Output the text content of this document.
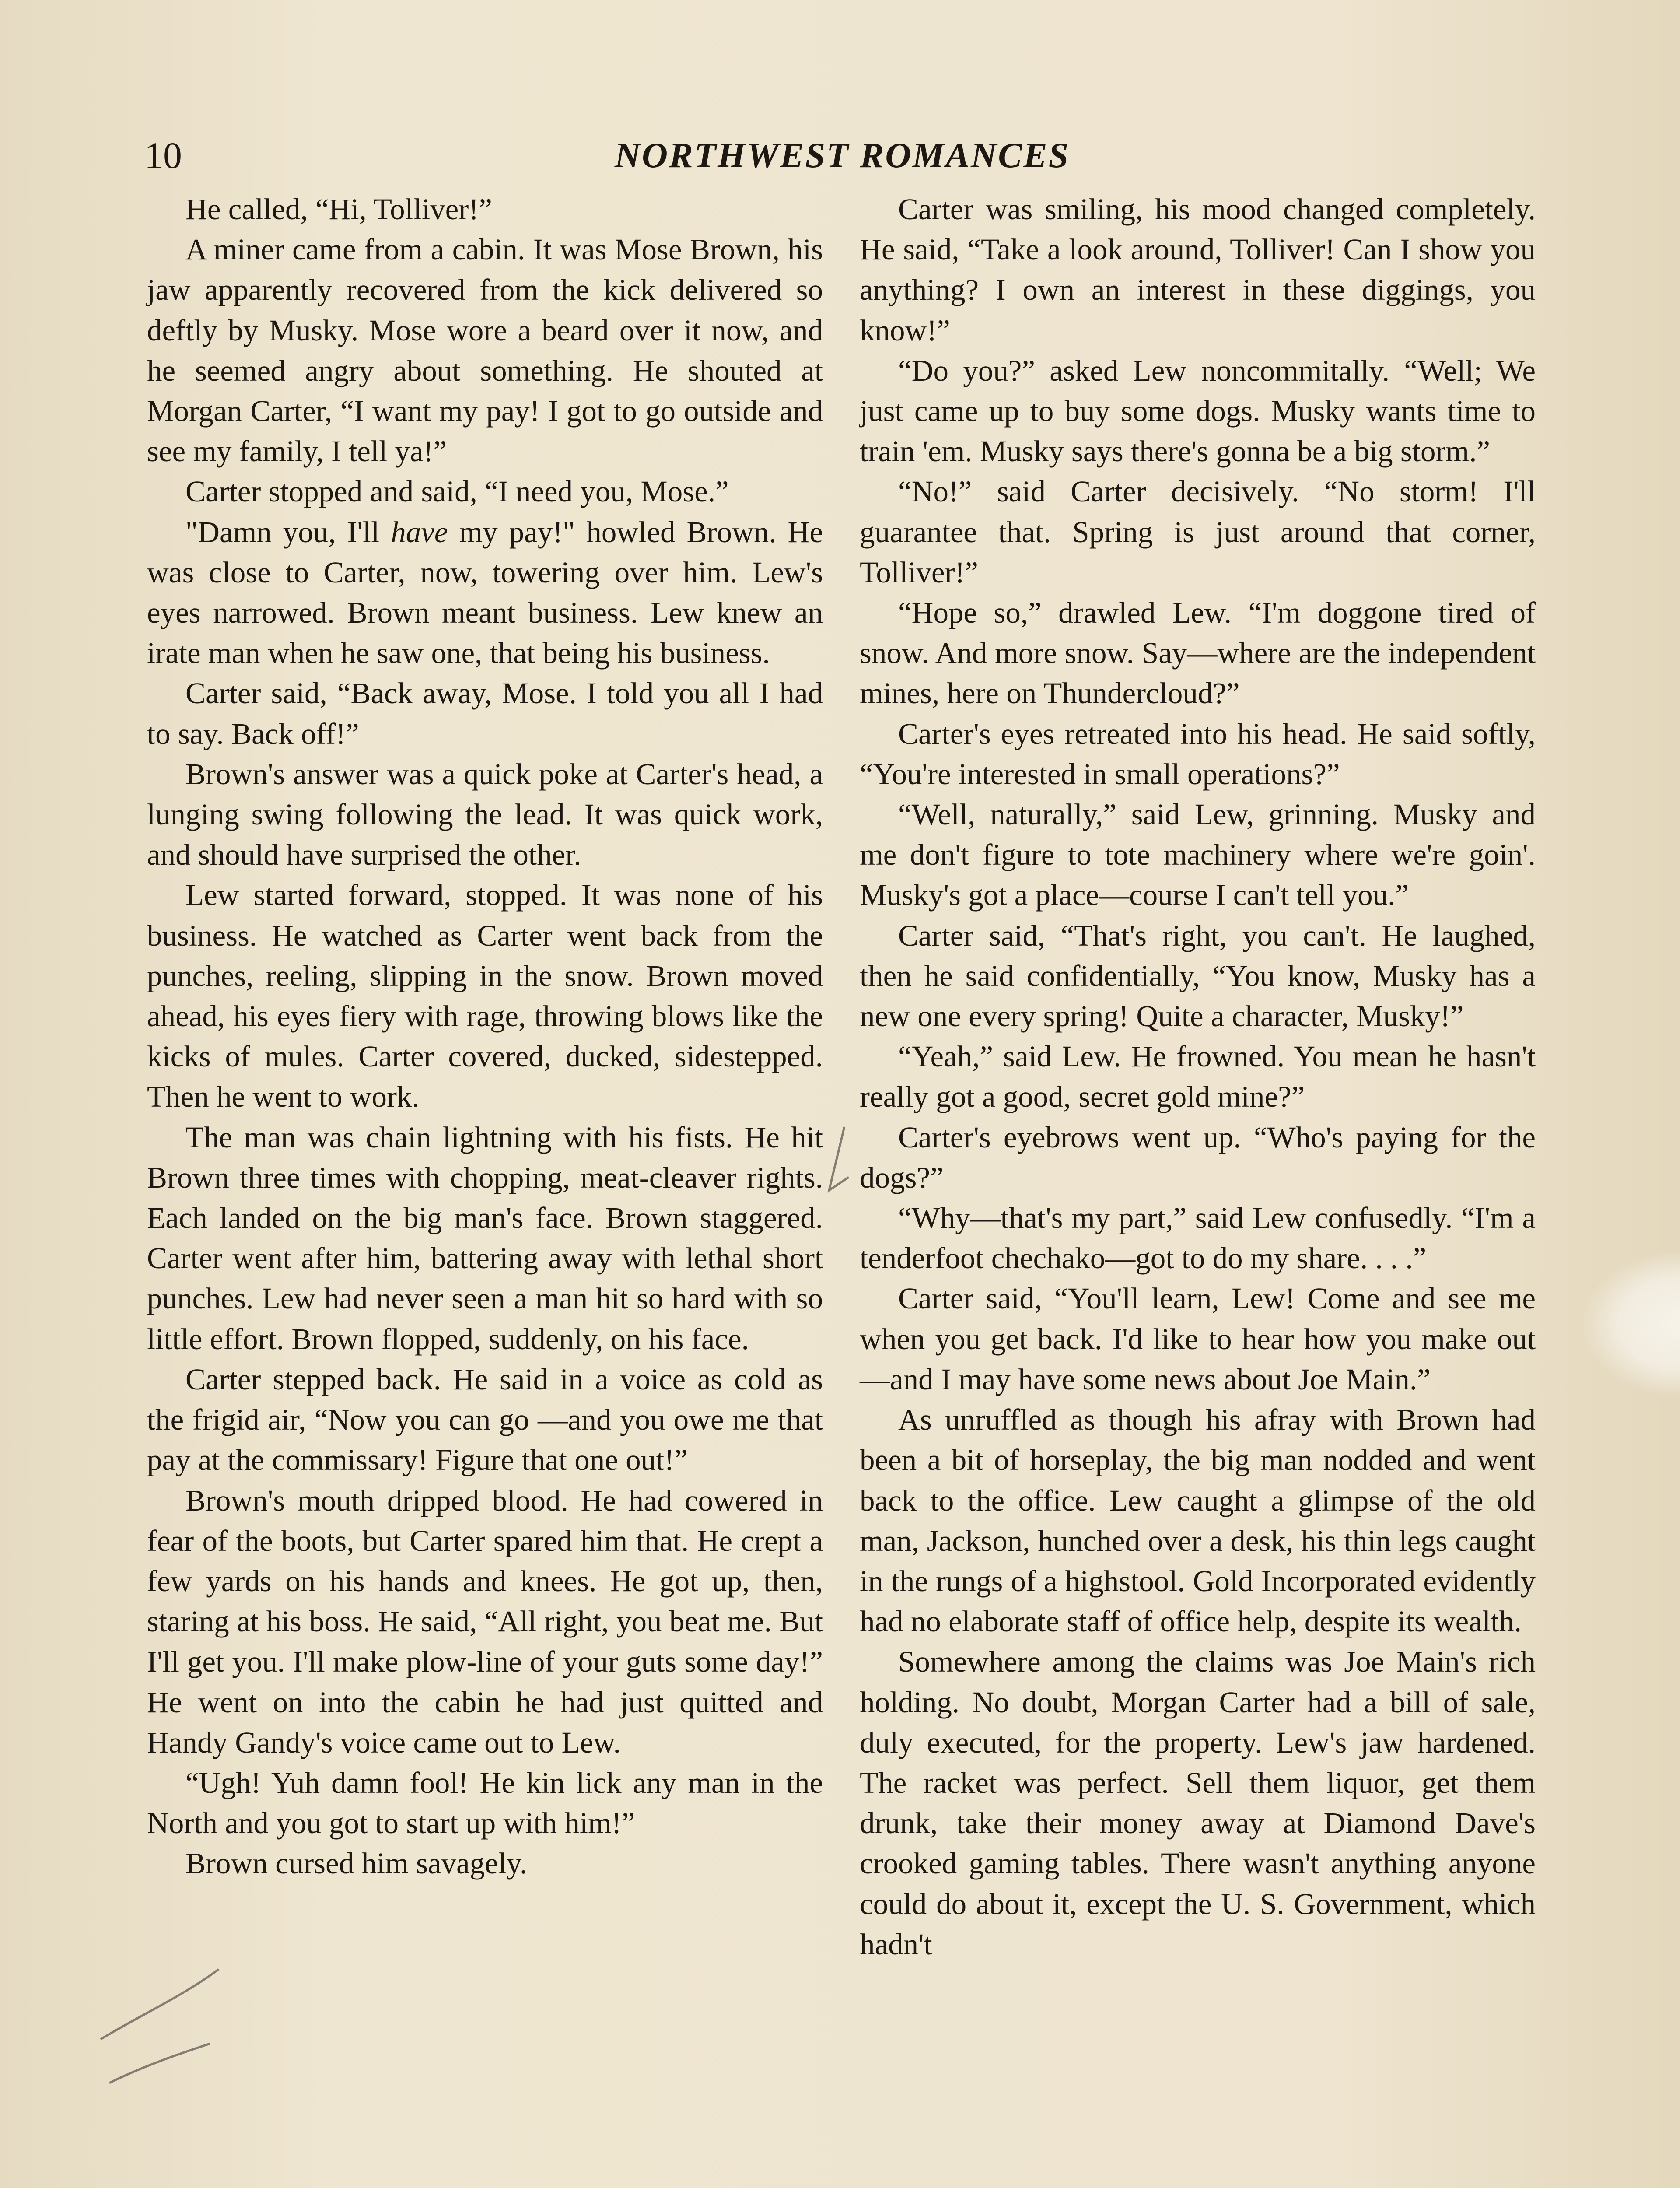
10	NORTHWEST ROMANCES

He called, “Hi, Tolliver!”

A miner came from a cabin. It was Mose Brown, his jaw apparently recovered from the kick delivered so deftly by Musky. Mose wore a beard over it now, and he seemed angry about something. He shouted at Morgan Carter, “I want my pay! I got to go outside and see my family, I tell ya!”

Carter stopped and said, “I need you, Mose.”

"Damn you, I'll have my pay!" howled Brown. He was close to Carter, now, towering over him. Lew's eyes narrowed. Brown meant business. Lew knew an irate man when he saw one, that being his business.

Carter said, “Back away, Mose. I told you all I had to say. Back off!”

Brown's answer was a quick poke at Carter's head, a lunging swing following the lead. It was quick work, and should have surprised the other.

Lew started forward, stopped. It was none of his business. He watched as Carter went back from the punches, reeling, slipping in the snow. Brown moved ahead, his eyes fiery with rage, throwing blows like the kicks of mules. Carter covered, ducked, sidestepped. Then he went to work.

The man was chain lightning with his fists. He hit Brown three times with chopping, meat-cleaver rights. Each landed on the big man's face. Brown staggered. Carter went after him, battering away with lethal short punches. Lew had never seen a man hit so hard with so little effort. Brown flopped, suddenly, on his face.

Carter stepped back. He said in a voice as cold as the frigid air, “Now you can go —and you owe me that pay at the commissary! Figure that one out!”

Brown's mouth dripped blood. He had cowered in fear of the boots, but Carter spared him that. He crept a few yards on his hands and knees. He got up, then, staring at his boss. He said, “All right, you beat me. But I'll get you. I'll make plow-line of your guts some day!” He went on into the cabin he had just quitted and Handy Gandy's voice came out to Lew.

“Ugh! Yuh damn fool! He kin lick any man in the North and you got to start up with him!”

Brown cursed him savagely.

Carter was smiling, his mood changed completely. He said, “Take a look around, Tolliver! Can I show you anything? I own an interest in these diggings, you know!”

“Do you?” asked Lew noncommitally. “Well; We just came up to buy some dogs. Musky wants time to train 'em. Musky says there's gonna be a big storm.”

“No!” said Carter decisively. “No storm! I'll guarantee that. Spring is just around that corner, Tolliver!”

“Hope so,” drawled Lew. “I'm doggone tired of snow. And more snow. Say—where are the independent mines, here on Thundercloud?”

Carter's eyes retreated into his head. He said softly, “You're interested in small operations?”

“Well, naturally,” said Lew, grinning. Musky and me don't figure to tote machinery where we're goin'. Musky's got a place—course I can't tell you.”

Carter said, “That's right, you can't. He laughed, then he said confidentially, “You know, Musky has a new one every spring! Quite a character, Musky!”

“Yeah,” said Lew. He frowned. You mean he hasn't really got a good, secret gold mine?”

Carter's eyebrows went up. “Who's paying for the dogs?”

“Why—that's my part,” said Lew confusedly. “I'm a tenderfoot chechako—got to do my share. . . .”

Carter said, “You'll learn, Lew! Come and see me when you get back. I'd like to hear how you make out—and I may have some news about Joe Main.”

As unruffled as though his afray with Brown had been a bit of horseplay, the big man nodded and went back to the office. Lew caught a glimpse of the old man, Jackson, hunched over a desk, his thin legs caught in the rungs of a highstool. Gold Incorporated evidently had no elaborate staff of office help, despite its wealth.

Somewhere among the claims was Joe Main's rich holding. No doubt, Morgan Carter had a bill of sale, duly executed, for the property. Lew's jaw hardened. The racket was perfect. Sell them liquor, get them drunk, take their money away at Diamond Dave's crooked gaming tables. There wasn't anything anyone could do about it, except the U. S. Government, which hadn't
